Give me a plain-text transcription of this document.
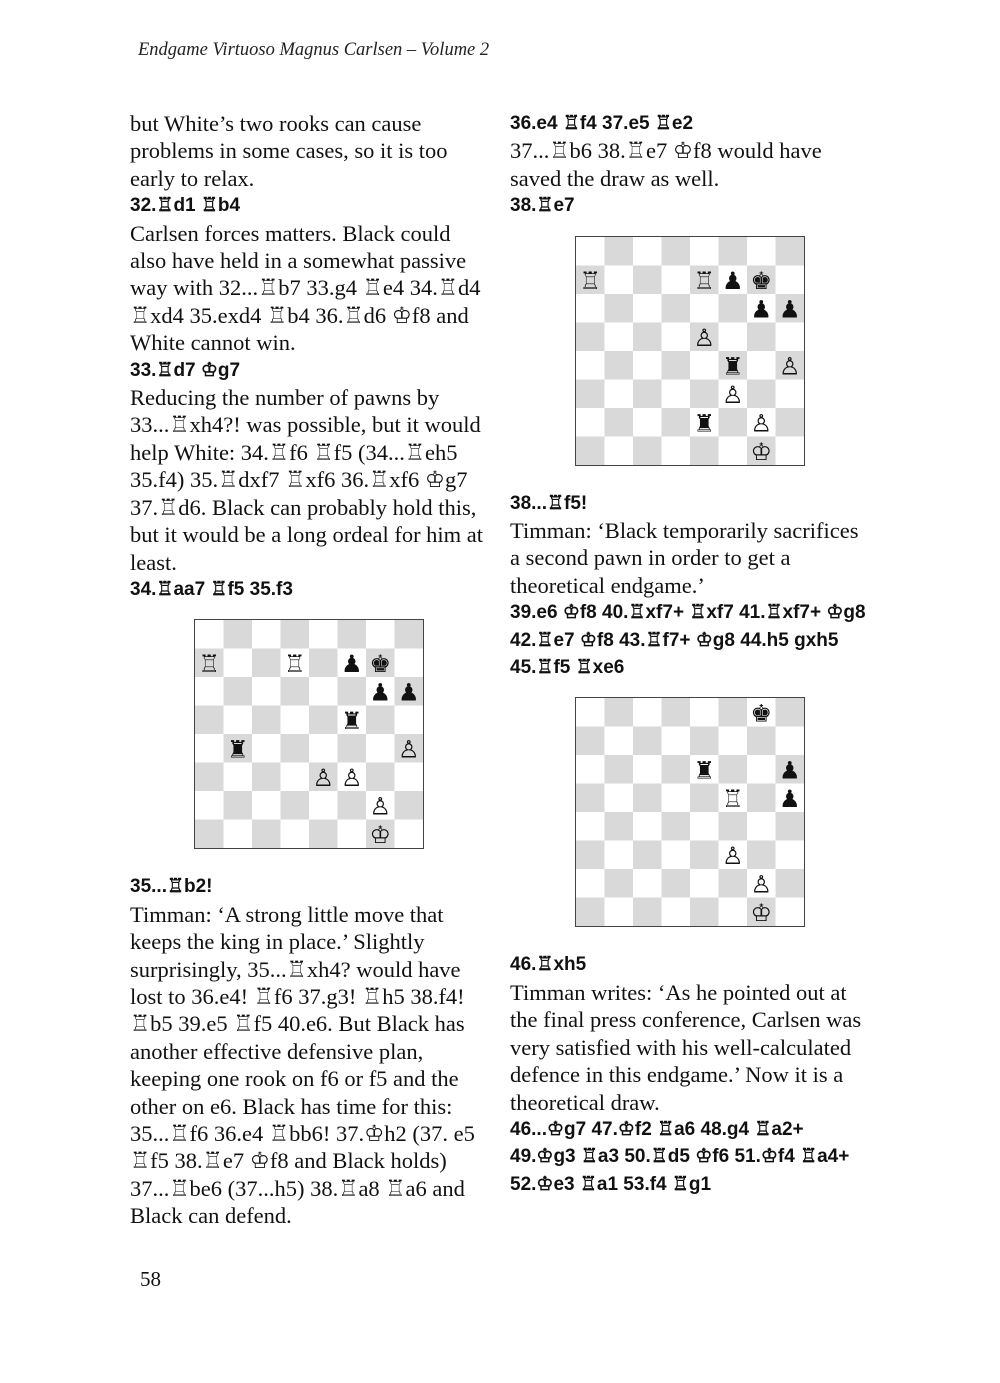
Endgame Virtuoso Magnus Carlsen – Volume 2

but White’s two rooks can cause problems in some cases, so it is too early to relax.

32.♖d1 ♖b4

Carlsen forces matters. Black could also have held in a somewhat passive way with 32...♖b7 33.g4 ♖e4 34.♖d4 ♖xd4 35.exd4 ♖b4 36.♖d6 ♔f8 and White cannot win.

33.♖d7 ♔g7

Reducing the number of pawns by 33...♖xh4?! was possible, but it would help White: 34.♖f6 ♖f5 (34...♖eh5 35.f4) 35.♖dxf7 ♖xf6 36.♖xf6 ♔g7 37.♖d6. Black can probably hold this, but it would be a long ordeal for him at least.

34.♖aa7 ♖f5 35.f3
♖	♖ ♟ ♚
♟ ♟
♜
♜	♙
♙ ♙
♙
♔
35...♖b2!

Timman: ‘A strong little move that keeps the king in place.’ Slightly surprisingly, 35...♖xh4? would have lost to 36.e4! ♖f6 37.g3! ♖h5 38.f4! ♖b5 39.e5 ♖f5 40.e6. But Black has another effective defensive plan, keeping one rook on f6 or f5 and the other on e6. Black has time for this: 35...♖f6 36.e4 ♖bb6! 37.♔h2 (37. e5 ♖f5 38.♖e7 ♔f8 and Black holds) 37...♖be6 (37...h5) 38.♖a8 ♖a6 and Black can defend.

36.e4 ♖f4 37.e5 ♖e2

37...♖b6 38.♖e7 ♔f8 would have saved the draw as well.

38.♖e7
♖	♖ ♟ ♚
♟ ♟
♙
♜ ♙
♙
♜ ♙
♔
38...♖f5!

Timman: ‘Black temporarily sacrifices a second pawn in order to get a theoretical endgame.’

39.e6 ♔f8 40.♖xf7+ ♖xf7 41.♖xf7+ ♔g8 42.♖e7 ♔f8 43.♖f7+ ♔g8 44.h5 gxh5 45.♖f5 ♖xe6
♚
♜	♟
♖ ♟
♙
♙
♔
46.♖xh5

Timman writes: ‘As he pointed out at the final press conference, Carlsen was very satisfied with his well-calculated defence in this endgame.’ Now it is a theoretical draw.

46...♔g7 47.♔f2 ♖a6 48.g4 ♖a2+ 49.♔g3 ♖a3 50.♖d5 ♔f6 51.♔f4 ♖a4+ 52.♔e3 ♖a1 53.f4 ♖g1
58
